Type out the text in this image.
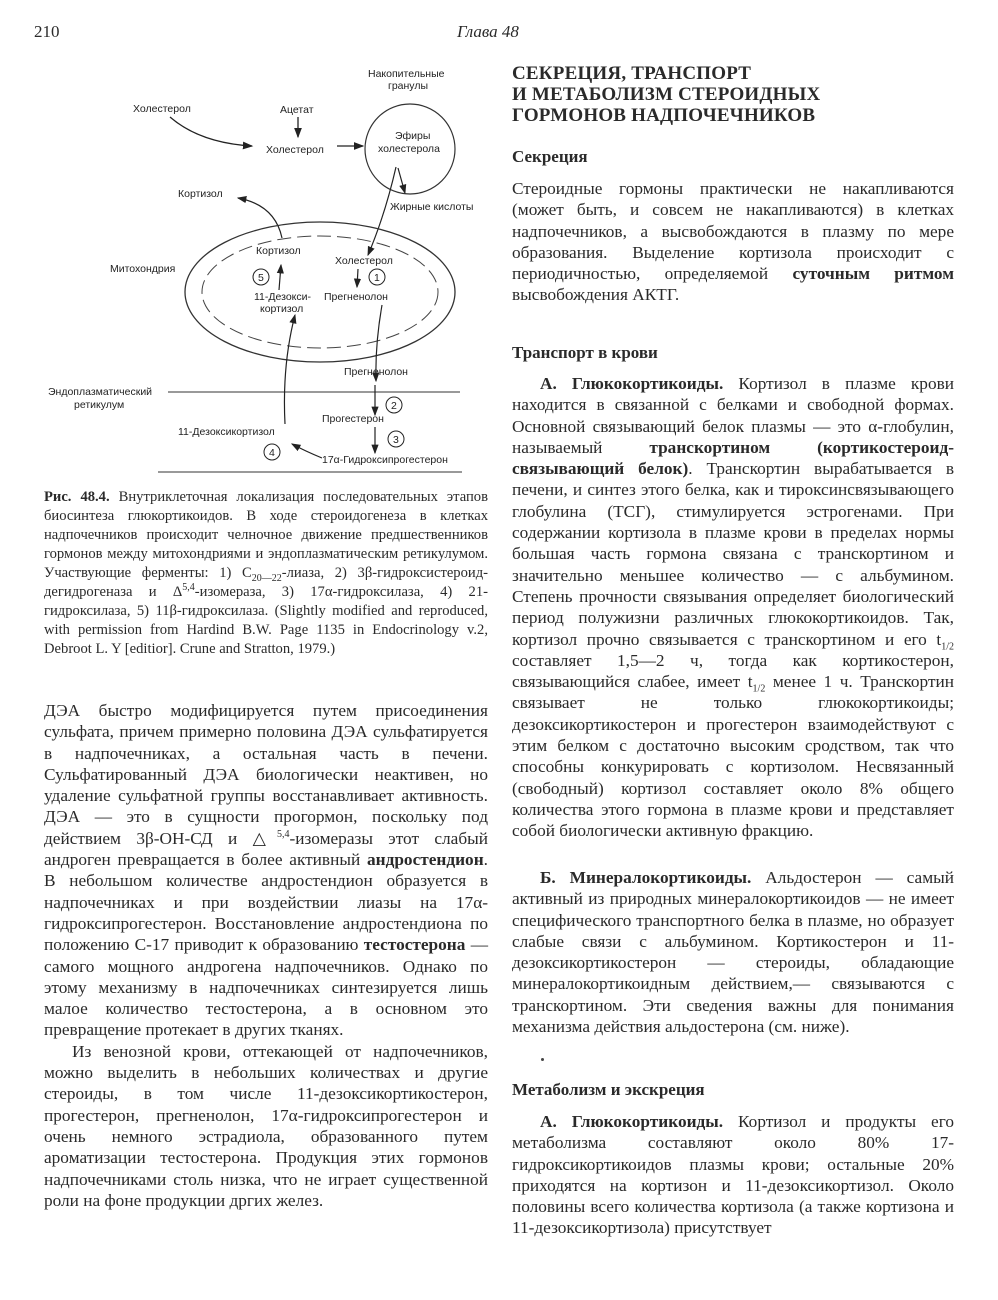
210	Глава 48
Накопительные
гранулы
Эфиры
холестерола
Холестерол	Ацетат
Холестерол
Жирные кислоты
Кортизол
Митохондрия
Кортизол
Холестерол
5	1
11-Дезокси-
кортизол
Прегненолон
Прегненолон
Эндоплазматический
ретикулум	2
Прогестерон
3
17α-Гидроксипрогестерон
11-Дезоксикортизол
4
Рис. 48.4. Внутриклеточная локализация последовательных этапов биосинтеза глюкортикоидов. В ходе стероидогенеза в клетках надпочечников происходит челночное движение предшественников гормонов между митохондриями и эндоплазматическим ретикулумом. Участвующие ферменты: 1) $C_{20—22}$-лиаза, 2) 3β-гидроксистероид-дегидрогеназа и Δ$^{5,4}$-изомераза, 3) 17α-гидроксилаза, 4) 21-гидроксилаза, 5) 11β-гидроксилаза. (Slightly modified and reproduced, with permission from Hardind B.W. Page 1135 in Endocrinology v.2, Debroot L. Y [editior]. Crune and Stratton, 1979.)

ДЭА быстро модифицируется путем присоединения сульфата, причем примерно половина ДЭА сульфатируется в надпочечниках, а остальная часть в печени. Сульфатированный ДЭА биологически неактивен, но удаление сульфатной группы восстанавливает активность. ДЭА — это в сущности прогормон, поскольку под действием 3β-ОН-СД и △$^{5,4}$-изомеразы этот слабый андроген превращается в более активный андростендион. В небольшом количестве андростендион образуется в надпочечниках и при воздействии лиазы на 17α-гидроксипрогестерон. Восстановление андростендиона по положению С-17 приводит к образованию тестостерона — самого мощного андрогена надпочечников. Однако по этому механизму в надпочечниках синтезируется лишь малое количество тестостерона, а в основном это превращение протекает в других тканях.

Из венозной крови, оттекающей от надпочечников, можно выделить в небольших количествах и другие стероиды, в том числе 11-дезоксикортикостерон, прогестерон, прегненолон, 17α-гидроксипрогестерон и очень немного эстрадиола, образованного путем ароматизации тестостерона. Продукция этих гормонов надпочечниками столь низка, что не играет существенной роли на фоне продукции дргих желез.

СЕКРЕЦИЯ, ТРАНСПОРТ
И МЕТАБОЛИЗМ СТЕРОИДНЫХ
ГОРМОНОВ НАДПОЧЕЧНИКОВ
Секреция
Стероидные гормоны практически не накапливаются (может быть, и совсем не накапливаются) в клетках надпочечников, а высвобождаются в плазму по мере образования. Выделение кортизола происходит с периодичностью, определяемой суточным ритмом высвобождения АКТГ.
Транспорт в крови
А. Глюкокортикоиды. Кортизол в плазме крови находится в связанной с белками и свободной формах. Основной связывающий белок плазмы — это α-глобулин, называемый транскортином (кортикостероид-связывающий белок). Транскортин вырабатывается в печени, и синтез этого белка, как и тироксинсвязывающего глобулина (ТСГ), стимулируется эстрогенами. При содержании кортизола в плазме крови в пределах нормы большая часть гормона связана с транскортином и значительно меньшее количество — с альбумином. Степень прочности связывания определяет биологический период полужизни различных глюкокортикоидов. Так, кортизол прочно связывается с транскортином и его $t_{1/2}$ составляет 1,5—2 ч, тогда как кортикостерон, связывающийся слабее, имеет $t_{1/2}$ менее 1 ч. Транскортин связывает не только глюкокортикоиды; дезоксикортикостерон и прогестерон взаимодействуют с этим белком с достаточно высоким сродством, так что способны конкурировать с кортизолом. Несвязанный (свободный) кортизол составляет около 8% общего количества этого гормона в плазме крови и представляет собой биологически активную фракцию.
Б. Минералокортикоиды. Альдостерон — самый активный из природных минералокортикоидов — не имеет специфического транспортного белка в плазме, но образует слабые связи с альбумином. Кортикостерон и 11-дезоксикортикостерон — стероиды, обладающие минералокортикоидным действием,— связываются с транскортином. Эти сведения важны для понимания механизма действия альдостерона (см. ниже).
Метаболизм и экскреция
А. Глюкокортикоиды. Кортизол и продукты его метаболизма составляют около 80% 17-гидроксикортикоидов плазмы крови; остальные 20% приходятся на кортизон и 11-дезоксикортизол. Около половины всего количества кортизола (а также кортизона и 11-дезоксикортизола) присутствует
